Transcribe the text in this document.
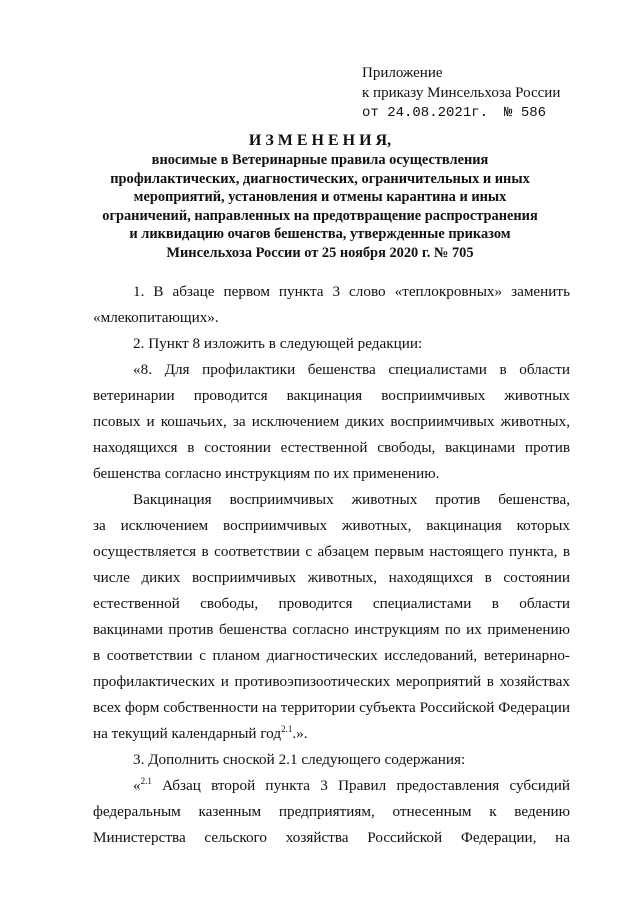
Приложение
к приказу Минсельхоза России
от 24.08.2021г. № 586
И З М Е Н Е Н И Я,
вносимые в Ветеринарные правила осуществления
профилактических, диагностических, ограничительных и иных
мероприятий, установления и отмены карантина и иных
ограничений, направленных на предотвращение распространения
и ликвидацию очагов бешенства, утвержденные приказом
Минсельхоза России от 25 ноября 2020 г. № 705
1. В абзаце первом пункта 3 слово «теплокровных» заменить
«млекопитающих».
2. Пункт 8 изложить в следующей редакции:
«8. Для профилактики бешенства специалистами в области
ветеринарии проводится вакцинация восприимчивых животных
псовых и кошачьих, за исключением диких восприимчивых животных,
находящихся в состоянии естественной свободы, вакцинами против
бешенства согласно инструкциям по их применению.
Вакцинация восприимчивых животных против бешенства,
за исключением восприимчивых животных, вакцинация которых
осуществляется в соответствии с абзацем первым настоящего пункта, в
числе диких восприимчивых животных, находящихся в состоянии
естественной свободы, проводится специалистами в области
вакцинами против бешенства согласно инструкциям по их применению
в соответствии с планом диагностических исследований, ветеринарно-
профилактических и противоэпизоотических мероприятий в хозяйствах
всех форм собственности на территории субъекта Российской Федерации
на текущий календарный год$^{2.1}$.».
3. Дополнить сноской 2.1 следующего содержания:
«$^{2.1}$ Абзац второй пункта 3 Правил предоставления субсидий
федеральным казенным предприятиям, отнесенным к ведению
Министерства сельского хозяйства Российской Федерации, на
